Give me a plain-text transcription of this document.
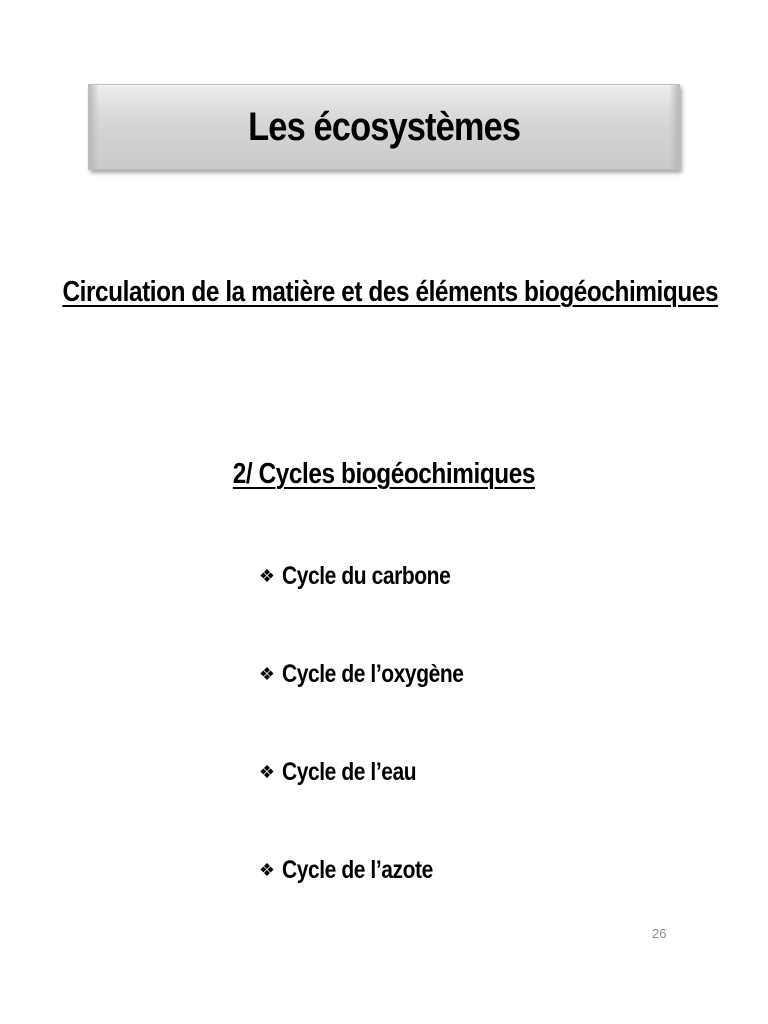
Les écosystèmes
Circulation de la matière et des éléments biogéochimiques
2/ Cycles biogéochimiques
❖ Cycle du carbone
❖ Cycle de l’oxygène
❖ Cycle de l’eau
❖ Cycle de l’azote
26
